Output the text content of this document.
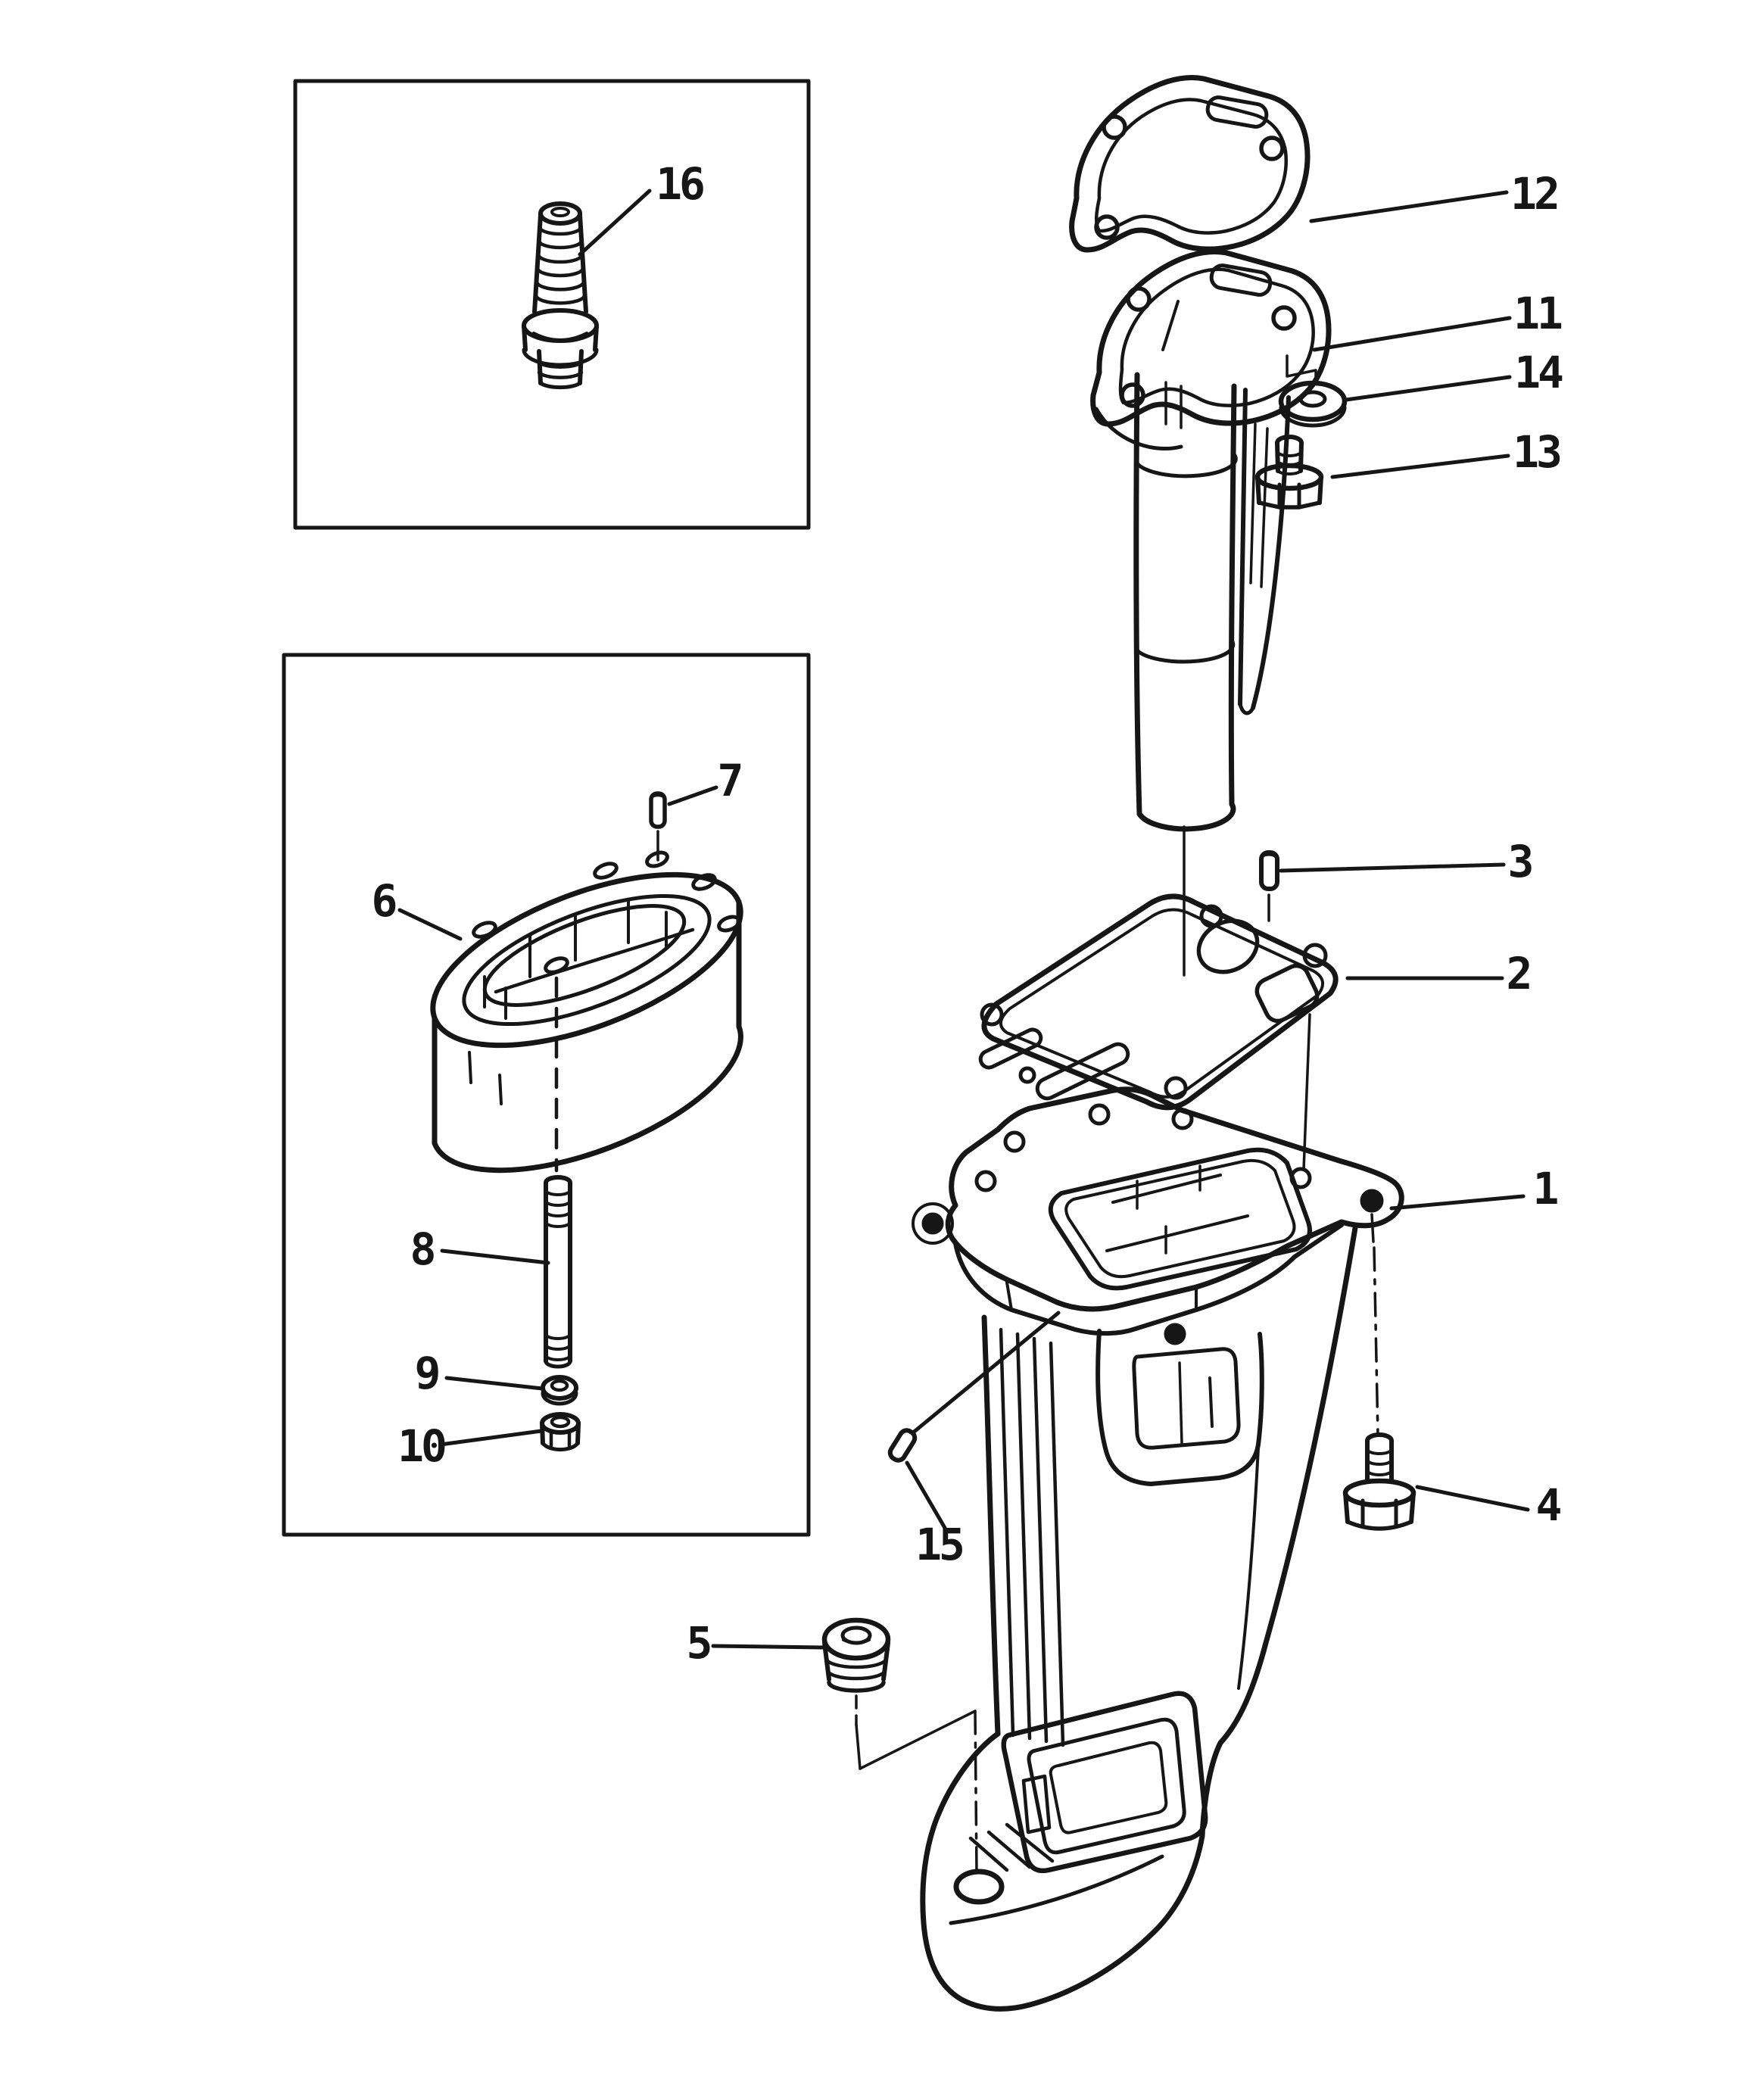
16
7
6
8
9
10
12
11
14
13
3
2
1
4
15
5
